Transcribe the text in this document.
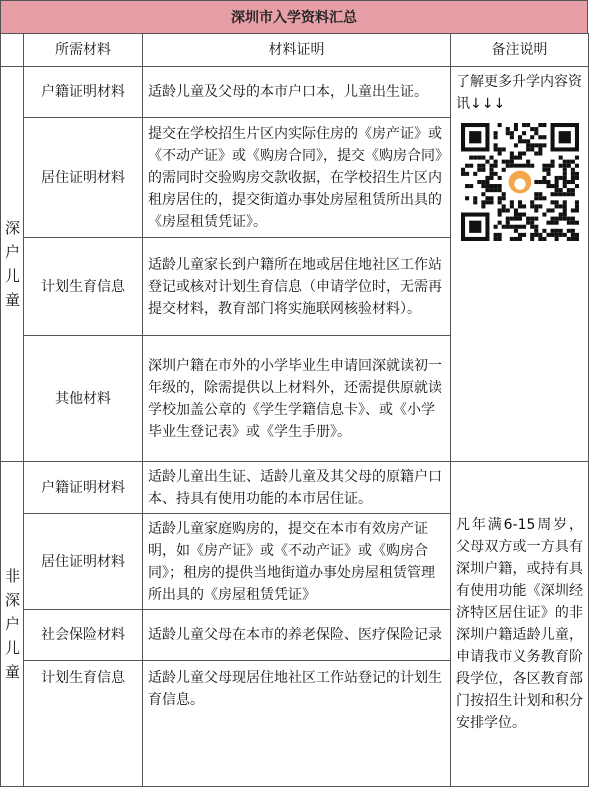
深圳市入学资料汇总
	所需材料	材料证明	备注说明
深户儿童	户籍证明材料	适龄儿童及父母的本市户口本，儿童出生证。	了解更多升学内容资讯↓↓↓

	居住证明材料	提交在学校招生片区内实际住房的《房产证》或《不动产证》或《购房合同》，提交《购房合同》的需同时交验购房交款收据，在学校招生片区内租房居住的，提交街道办事处房屋租赁所出具的《房屋租赁凭证》。	
	计划生育信息	适龄儿童家长到户籍所在地或居住地社区工作站登记或核对计划生育信息（申请学位时，无需再提交材料，教育部门将实施联网核验材料）。	
	其他材料	深圳户籍在市外的小学毕业生申请回深就读初一年级的，除需提供以上材料外，还需提供原就读学校加盖公章的《学生学籍信息卡》、或《小学毕业生登记表》或《学生手册》。	
非深户儿童	户籍证明材料	适龄儿童出生证、适龄儿童及其父母的原籍户口本、持具有使用功能的本市居住证。	凡年满6-15周岁，父母双方或一方具有深圳户籍，或持有具有使用功能《深圳经济特区居住证》的非深圳户籍适龄儿童，申请我市义务教育阶段学位，各区教育部门按招生计划和积分安排学位。
	居住证明材料	适龄儿童家庭购房的，提交在本市有效房产证明，如《房产证》或《不动产证》或《购房合同》；租房的提供当地街道办事处房屋租赁管理所出具的《房屋租赁凭证》	
	社会保险材料	适龄儿童父母在本市的养老保险、医疗保险记录	
	计划生育信息	适龄儿童父母现居住地社区工作站登记的计划生育信息。	
